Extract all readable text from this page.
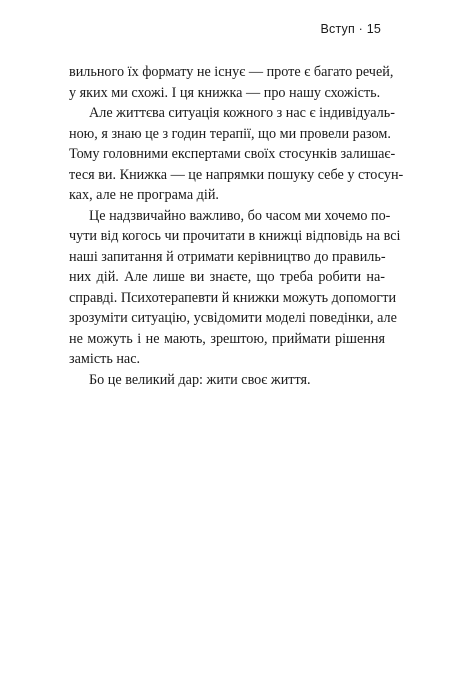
Вступ · 15
вильного їх формату не існує — проте є багато речей,
у яких ми схожі. І ця книжка — про нашу схожість.
Але життєва ситуація кожного з нас є індивідуаль-
ною, я знаю це з годин терапії, що ми провели разом.
Тому головними експертами своїх стосунків залишає-
теся ви. Книжка — це напрямки пошуку себе у стосун-
ках, але не програма дій.
Це надзвичайно важливо, бо часом ми хочемо по-
чути від когось чи прочитати в книжці відповідь на всі
наші запитання й отримати керівництво до правиль-
них дій. Але лише ви знаєте, що треба робити на-
справді. Психотерапевти й книжки можуть допомогти
зрозуміти ситуацію, усвідомити моделі поведінки, але
не можуть і не мають, зрештою, приймати рішення
замість нас.
Бо це великий дар: жити своє життя.
